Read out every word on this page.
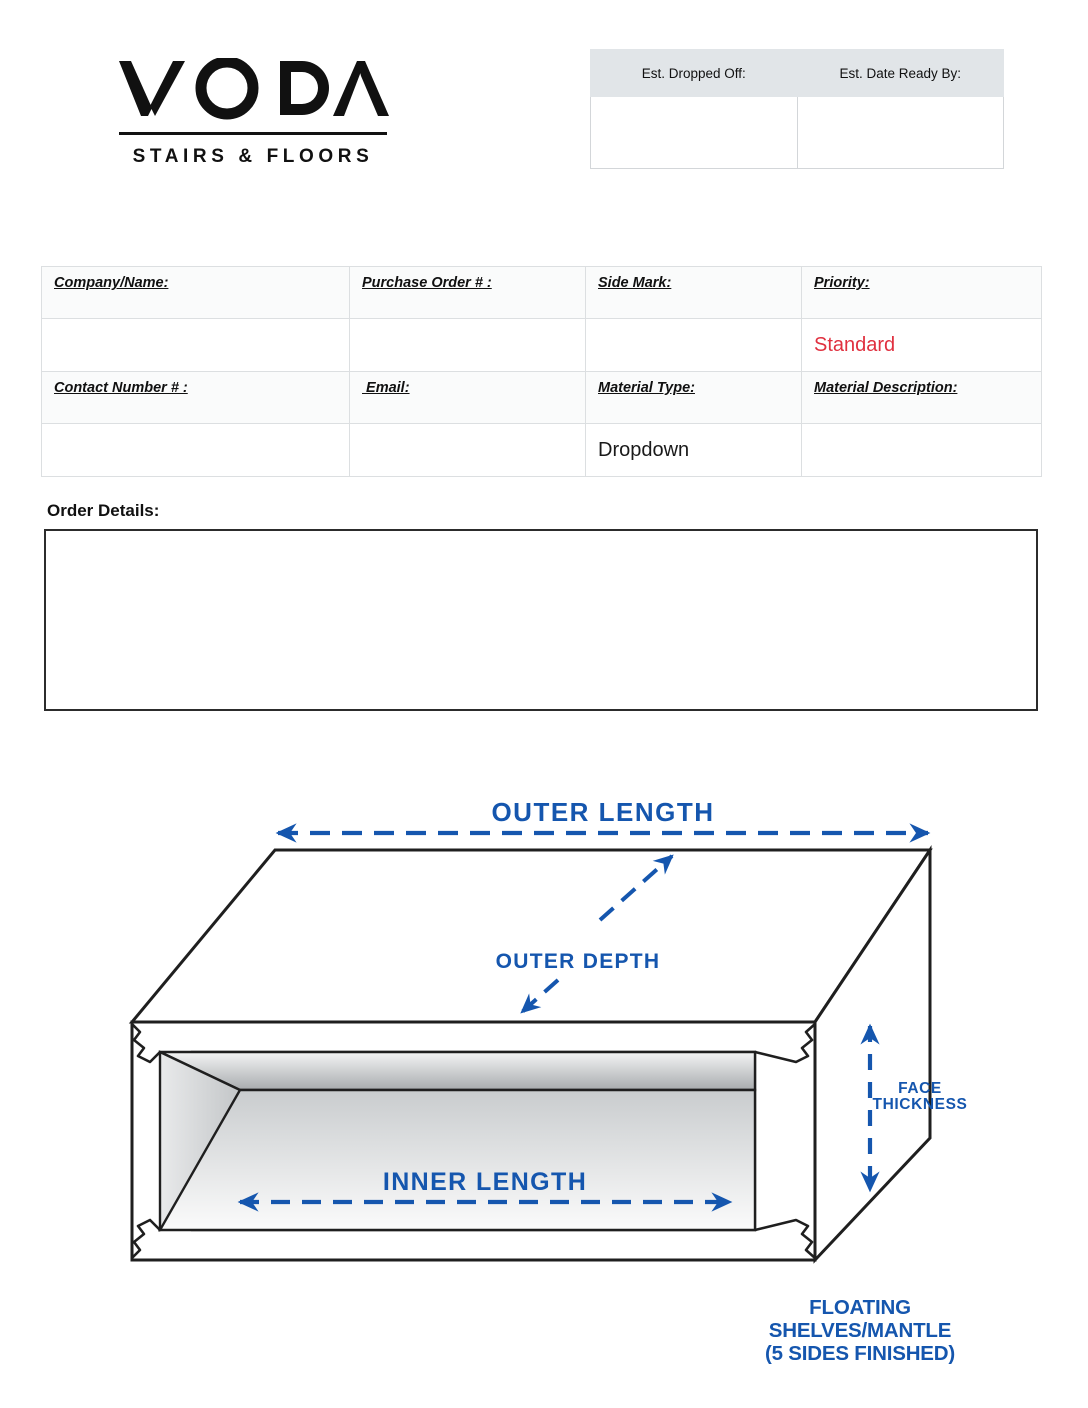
STAIRS & FLOORS
Est. Dropped Off:	Est. Date Ready By:

Company/Name:	Purchase Order # :	Side Mark:	Priority:
			Standard
Contact Number # :	Email:	Material Type:	Material Description:
		Dropdown	
Order Details:
OUTER LENGTH
OUTER DEPTH
INNER LENGTH
FACE
THICKNESS
FLOATING
SHELVES/MANTLE
(5 SIDES FINISHED)
